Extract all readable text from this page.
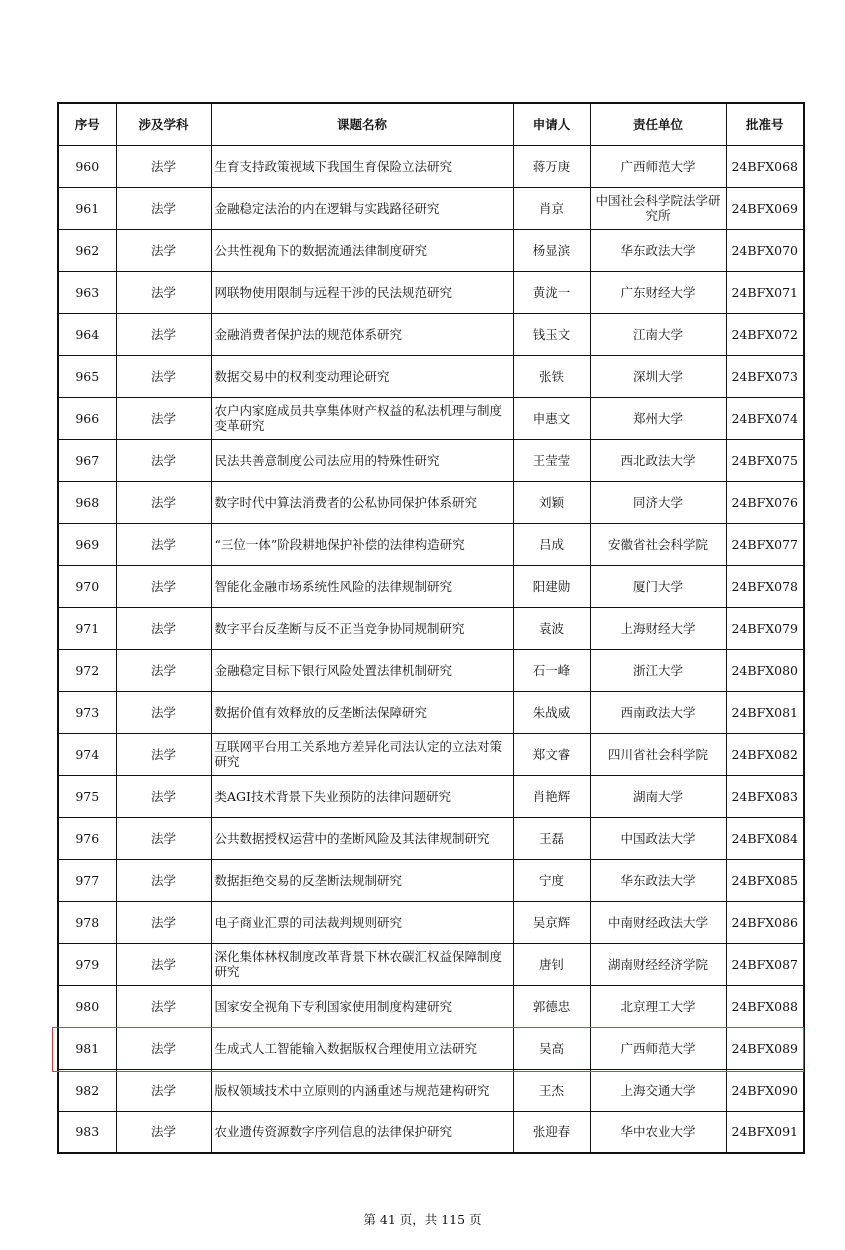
序号	涉及学科	课题名称	申请人	责任单位	批准号
960	法学	生育支持政策视域下我国生育保险立法研究	蒋万庚	广西师范大学	24BFX068
961	法学	金融稳定法治的内在逻辑与实践路径研究	肖京	中国社会科学院法学研究所	24BFX069
962	法学	公共性视角下的数据流通法律制度研究	杨显滨	华东政法大学	24BFX070
963	法学	网联物使用限制与远程干涉的民法规范研究	黄泷一	广东财经大学	24BFX071
964	法学	金融消费者保护法的规范体系研究	钱玉文	江南大学	24BFX072
965	法学	数据交易中的权利变动理论研究	张铁	深圳大学	24BFX073
966	法学	农户内家庭成员共享集体财产权益的私法机理与制度变革研究	申惠文	郑州大学	24BFX074
967	法学	民法共善意制度公司法应用的特殊性研究	王莹莹	西北政法大学	24BFX075
968	法学	数字时代中算法消费者的公私协同保护体系研究	刘颖	同济大学	24BFX076
969	法学	“三位一体”阶段耕地保护补偿的法律构造研究	吕成	安徽省社会科学院	24BFX077
970	法学	智能化金融市场系统性风险的法律规制研究	阳建勋	厦门大学	24BFX078
971	法学	数字平台反垄断与反不正当竞争协同规制研究	袁波	上海财经大学	24BFX079
972	法学	金融稳定目标下银行风险处置法律机制研究	石一峰	浙江大学	24BFX080
973	法学	数据价值有效释放的反垄断法保障研究	朱战威	西南政法大学	24BFX081
974	法学	互联网平台用工关系地方差异化司法认定的立法对策研究	郑文睿	四川省社会科学院	24BFX082
975	法学	类AGI技术背景下失业预防的法律问题研究	肖艳辉	湖南大学	24BFX083
976	法学	公共数据授权运营中的垄断风险及其法律规制研究	王磊	中国政法大学	24BFX084
977	法学	数据拒绝交易的反垄断法规制研究	宁度	华东政法大学	24BFX085
978	法学	电子商业汇票的司法裁判规则研究	吴京辉	中南财经政法大学	24BFX086
979	法学	深化集体林权制度改革背景下林农碳汇权益保障制度研究	唐钊	湖南财经经济学院	24BFX087
980	法学	国家安全视角下专利国家使用制度构建研究	郭德忠	北京理工大学	24BFX088
981	法学	生成式人工智能输入数据版权合理使用立法研究	吴高	广西师范大学	24BFX089
982	法学	版权领域技术中立原则的内涵重述与规范建构研究	王杰	上海交通大学	24BFX090
983	法学	农业遗传资源数字序列信息的法律保护研究	张迎春	华中农业大学	24BFX091
第 41 页，共 115 页
